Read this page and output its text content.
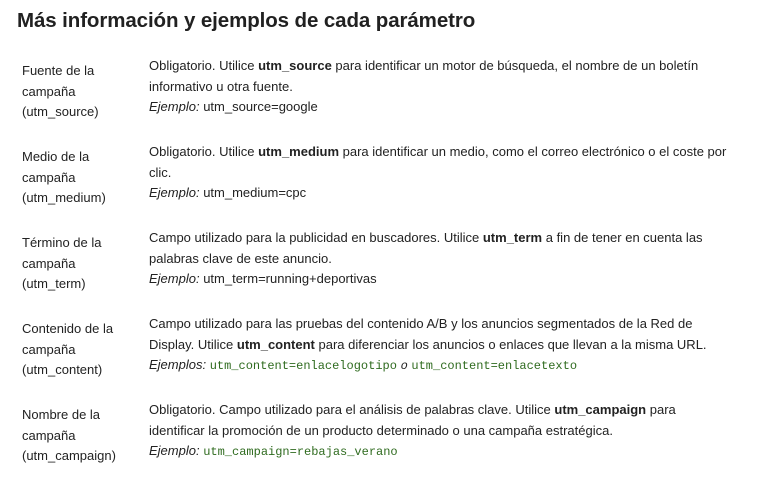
Más información y ejemplos de cada parámetro
Fuente de la
campaña
(utm_source)

Obligatorio. Utilice utm_source para identificar un motor de búsqueda, el nombre de un boletín informativo u otra fuente.

Ejemplo: utm_source=google

Medio de la
campaña
(utm_medium)

Obligatorio. Utilice utm_medium para identificar un medio, como el correo electrónico o el coste por clic.

Ejemplo: utm_medium=cpc

Término de la
campaña
(utm_term)

Campo utilizado para la publicidad en buscadores. Utilice utm_term a fin de tener en cuenta las palabras clave de este anuncio.

Ejemplo: utm_term=running+deportivas

Contenido de la
campaña
(utm_content)

Campo utilizado para las pruebas del contenido A/B y los anuncios segmentados de la Red de Display. Utilice utm_content para diferenciar los anuncios o enlaces que llevan a la misma URL.

Ejemplos: utm_content=enlacelogotipo o utm_content=enlacetexto

Nombre de la
campaña
(utm_campaign)

Obligatorio. Campo utilizado para el análisis de palabras clave. Utilice utm_campaign para identificar la promoción de un producto determinado o una campaña estratégica.

Ejemplo: utm_campaign=rebajas_verano
